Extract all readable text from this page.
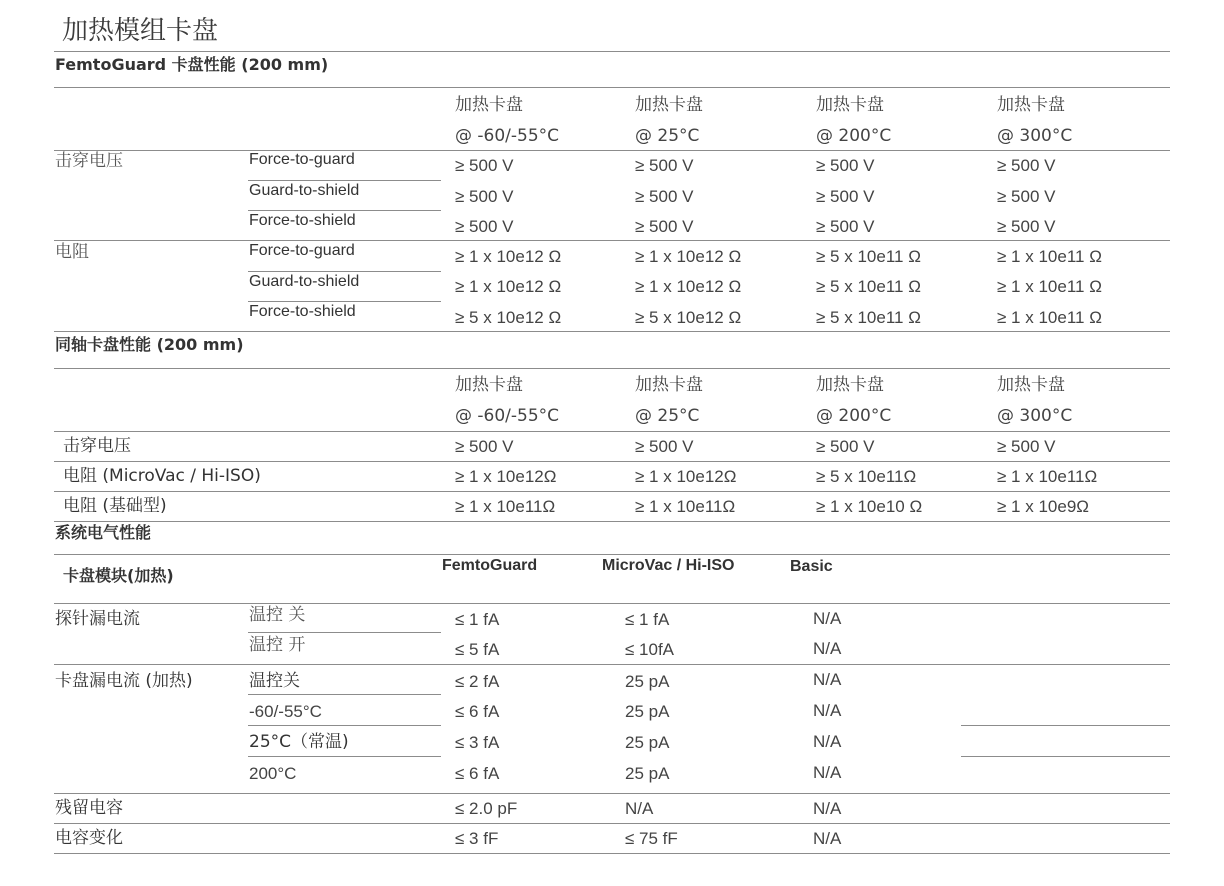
加热模组卡盘
FemtoGuard 卡盘性能 (200 mm)
加热卡盘	加热卡盘	加热卡盘	加热卡盘
@ -60/-55°C	@ 25°C	@ 200°C	@ 300°C
击穿电压	Force-to-guard	≥ 500 V	≥ 500 V	≥ 500 V	≥ 500 V
Guard-to-shield	≥ 500 V	≥ 500 V	≥ 500 V	≥ 500 V
Force-to-shield	≥ 500 V	≥ 500 V	≥ 500 V	≥ 500 V
电阻	Force-to-guard	≥ 1 x 10e12 Ω	≥ 1 x 10e12 Ω	≥ 5 x 10e11 Ω	≥ 1 x 10e11 Ω
Guard-to-shield	≥ 1 x 10e12 Ω	≥ 1 x 10e12 Ω	≥ 5 x 10e11 Ω	≥ 1 x 10e11 Ω
Force-to-shield	≥ 5 x 10e12 Ω	≥ 5 x 10e12 Ω	≥ 5 x 10e11 Ω	≥ 1 x 10e11 Ω
同轴卡盘性能 (200 mm)
加热卡盘	加热卡盘	加热卡盘	加热卡盘
@ -60/-55°C	@ 25°C	@ 200°C	@ 300°C
击穿电压	≥ 500 V	≥ 500 V	≥ 500 V	≥ 500 V
电阻 (MicroVac / Hi-ISO)	≥ 1 x 10e12Ω	≥ 1 x 10e12Ω	≥ 5 x 10e11Ω	≥ 1 x 10e11Ω
电阻 (基础型)	≥ 1 x 10e11Ω	≥ 1 x 10e11Ω	≥ 1 x 10e10 Ω	≥ 1 x 10e9Ω
系统电气性能
卡盘模块(加热)
FemtoGuard	MicroVac / Hi-ISO	Basic
探针漏电流	温控 关	≤ 1 fA	≤ 1 fA	N/A
温控 开	≤ 5 fA	≤ 10fA	N/A
卡盘漏电流 (加热)	温控关	≤ 2 fA	25 pA	N/A
-60/-55°C	≤ 6 fA	25 pA	N/A
25°C（常温)	≤ 3 fA	25 pA	N/A
200°C	≤ 6 fA	25 pA	N/A
残留电容	≤ 2.0 pF	N/A	N/A
电容变化	≤ 3 fF	≤ 75 fF	N/A
